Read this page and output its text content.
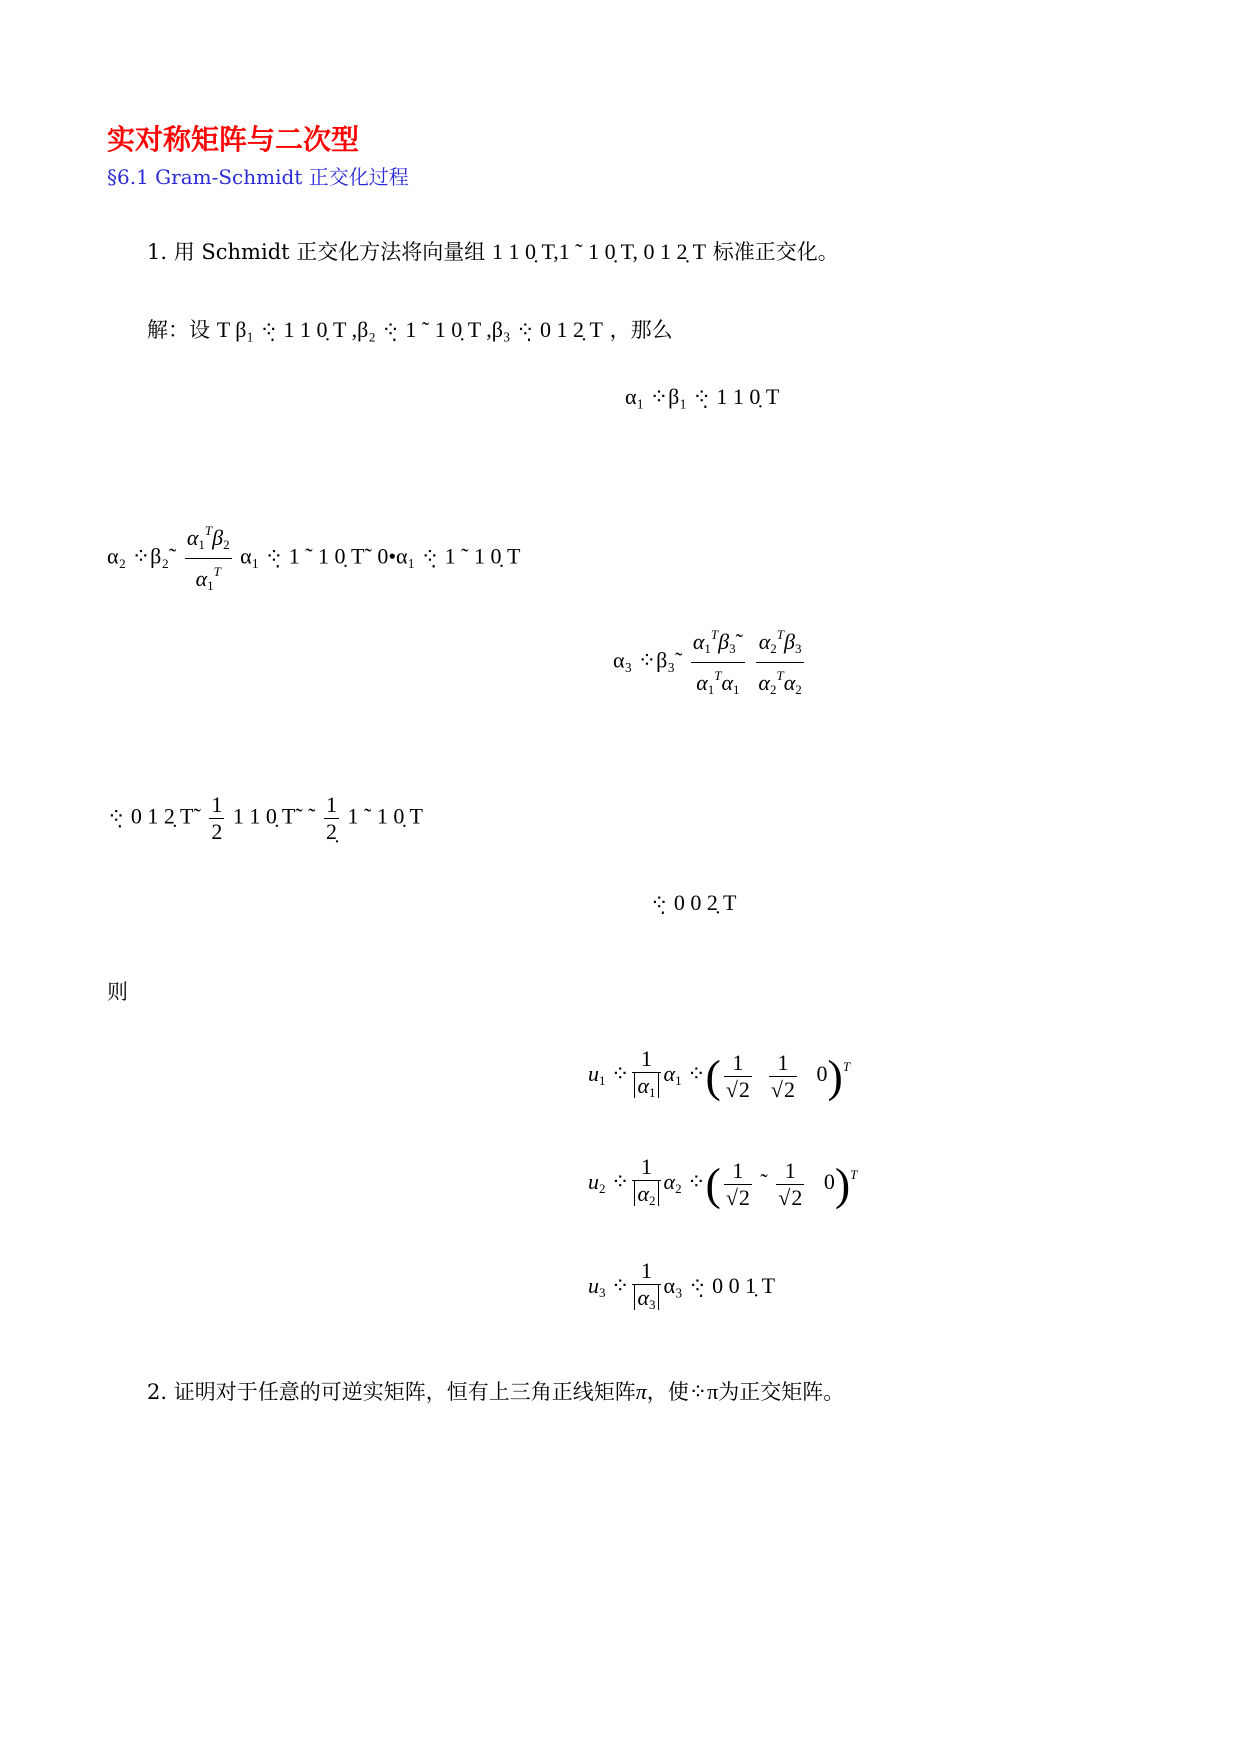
实对称矩阵与二次型
§6.1 Gram-Schmidt 正交化过程
1. 用 Schmidt 正交化方法将向量组 1 1 0̣ T,1 ˜ 1 0̣ T, 0 1 2̣ T 标准正交化。
解：设 T β₁ ⁘̣ 1 1 0̣ T ,β₂ ⁘̣ 1 ˜ 1 0̣ T ,β₃ ⁘̣ 0 1 2̣ T ，那么
α₁ ⁘β₁ ⁘̣ 1 1 0̣ T
α₂ ⁘β₂˜ $\frac{\alpha_1^T\beta_2}{\alpha_1^T} \alpha_1$ ⁘̣ 1 ˜ 1 0̣ T˜ 0•α₁ ⁘̣ 1 ˜ 1 0̣ T
α₃ ⁘β₃˜ $\frac{\alpha_1^T\beta_3˜}{\alpha_1^T\alpha_1}$
$\frac{\alpha_2^T\beta_3}{\alpha_2^T\alpha_2}$
⁘̣ 0 1 2̣ T˜ $\frac{1}{2} 1$ 1 0̣ T˜ ˜ $\frac{1}{2̣} 1$ ˜ 1 0̣ T
⁘̣ 0 0 2̣ T
则
$u_1$ ⁘ $\frac{1}{\alpha_1} \alpha_1$ ⁘( $\frac{1}{√2}$
$\frac{1}{√2} 0)^T$
$u_2$ ⁘ $\frac{1}{\alpha_2} \alpha_2$ ⁘( $\frac{1}{√2}$ ˜ $\frac{1}{√2} 0)^T$
$u_3$ ⁘ $\frac{1}{\alpha_3} \alpha_3$ ⁘̣ 0 0 1̣ T
2. 证明对于任意的可逆实矩阵，恒有上三角正线矩阵π，使⁘π为正交矩阵。
